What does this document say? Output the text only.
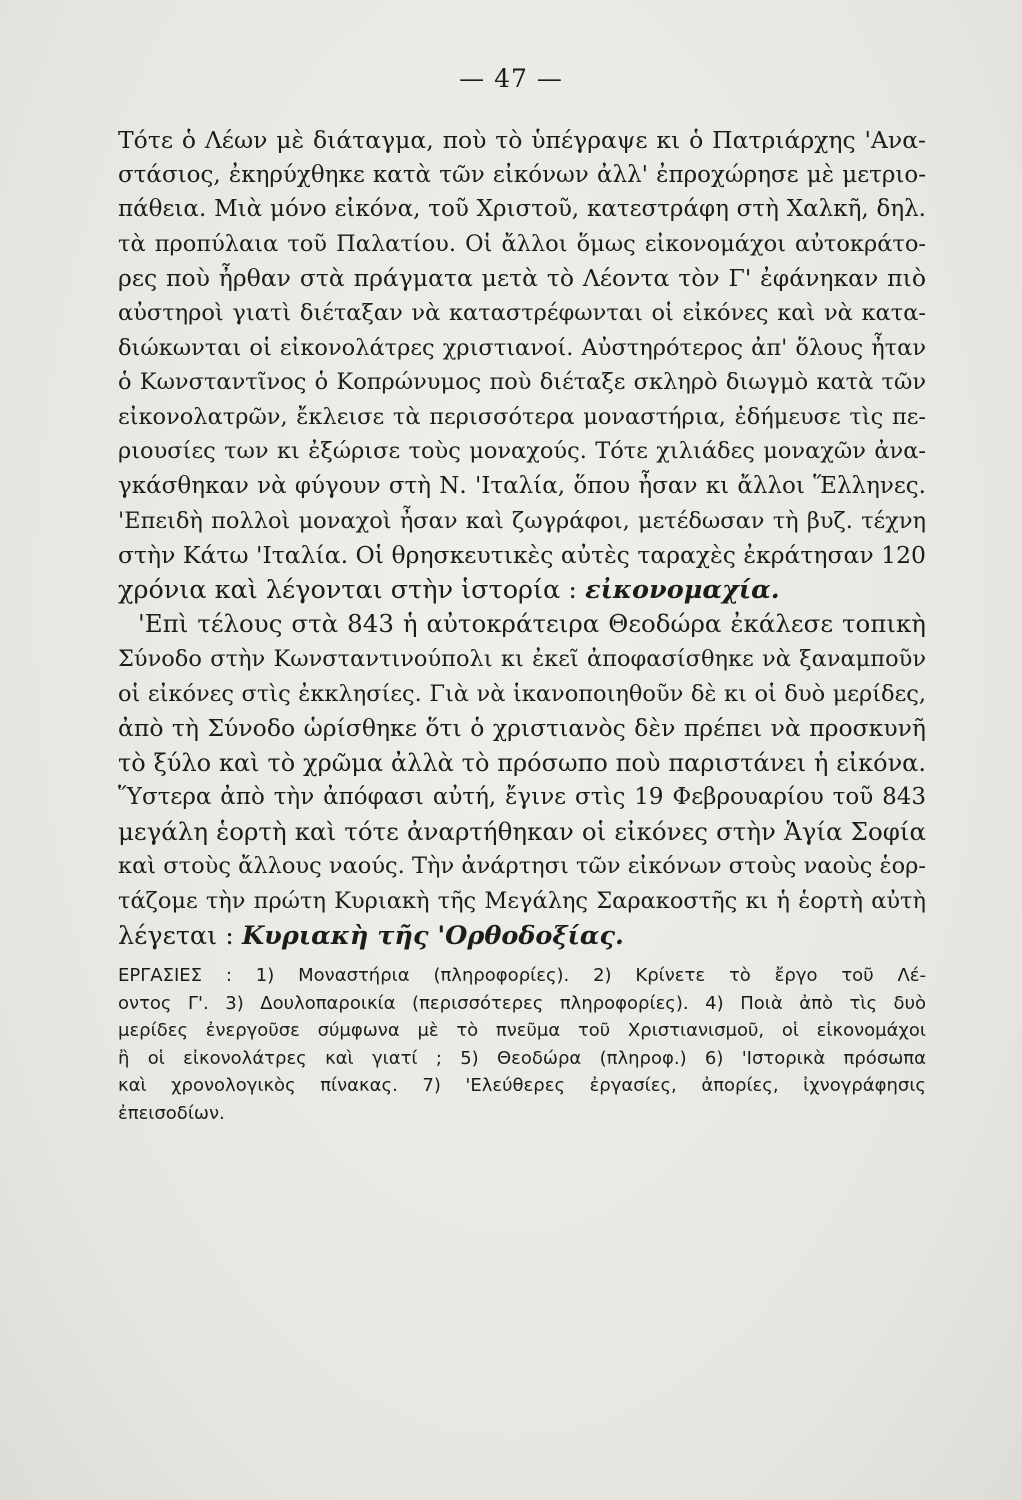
— 47 —
Τότε ὁ Λέων μὲ διάταγμα, ποὺ τὸ ὑπέγραψε κι ὁ Πατριάρχης 'Ανα-
στάσιος, ἐκηρύχθηκε κατὰ τῶν εἰκόνων ἀλλ' ἐπροχώρησε μὲ μετριο-
πάθεια. Μιὰ μόνο εἰκόνα, τοῦ Χριστοῦ, κατεστράφη στὴ Χαλκῆ, δηλ.
τὰ προπύλαια τοῦ Παλατίου. Οἱ ἄλλοι ὅμως εἰκονομάχοι αὐτοκράτο-
ρες ποὺ ἦρθαν στὰ πράγματα μετὰ τὸ Λέοντα τὸν Γ' ἐφάνηκαν πιὸ
αὐστηροὶ γιατὶ διέταξαν νὰ καταστρέφωνται οἱ εἰκόνες καὶ νὰ κατα-
διώκωνται οἱ εἰκονολάτρες χριστιανοί. Αὐστηρότερος ἀπ' ὅλους ἦταν
ὁ Κωνσταντῖνος ὁ Κοπρώνυμος ποὺ διέταξε σκληρὸ διωγμὸ κατὰ τῶν
εἰκονολατρῶν, ἔκλεισε τὰ περισσότερα μοναστήρια, ἐδήμευσε τὶς πε-
ριουσίες των κι ἐξώρισε τοὺς μοναχούς. Τότε χιλιάδες μοναχῶν ἀνα-
γκάσθηκαν νὰ φύγουν στὴ Ν. 'Ιταλία, ὅπου ἦσαν κι ἄλλοι Ἕλληνες.
'Επειδὴ πολλοὶ μοναχοὶ ἦσαν καὶ ζωγράφοι, μετέδωσαν τὴ βυζ. τέχνη
στὴν Κάτω 'Ιταλία. Οἱ θρησκευτικὲς αὐτὲς ταραχὲς ἐκράτησαν 120
χρόνια καὶ λέγονται στὴν ἱστορία : εἰκονομαχία.
'Επὶ τέλους στὰ 843 ἡ αὐτοκράτειρα Θεοδώρα ἐκάλεσε τοπικὴ
Σύνοδο στὴν Κωνσταντινούπολι κι ἐκεῖ ἀποφασίσθηκε νὰ ξαναμποῦν
οἱ εἰκόνες στὶς ἐκκλησίες. Γιὰ νὰ ἱκανοποιηθοῦν δὲ κι οἱ δυὸ μερίδες,
ἀπὸ τὴ Σύνοδο ὡρίσθηκε ὅτι ὁ χριστιανὸς δὲν πρέπει νὰ προσκυνῆ
τὸ ξύλο καὶ τὸ χρῶμα ἀλλὰ τὸ πρόσωπο ποὺ παριστάνει ἡ εἰκόνα.
Ὕστερα ἀπὸ τὴν ἀπόφασι αὐτή, ἔγινε στὶς 19 Φεβρουαρίου τοῦ 843
μεγάλη ἑορτὴ καὶ τότε ἀναρτήθηκαν οἱ εἰκόνες στὴν Ἁγία Σοφία
καὶ στοὺς ἄλλους ναούς. Τὴν ἀνάρτησι τῶν εἰκόνων στοὺς ναοὺς ἑορ-
τάζομε τὴν πρώτη Κυριακὴ τῆς Μεγάλης Σαρακοστῆς κι ἡ ἑορτὴ αὐτὴ
λέγεται : Κυριακὴ τῆς 'Ορθοδοξίας.
ΕΡΓΑΣΙΕΣ : 1) Μοναστήρια (πληροφορίες). 2) Κρίνετε τὸ ἔργο τοῦ Λέ-
οντος Γ'. 3) Δουλοπαροικία (περισσότερες πληροφορίες). 4) Ποιὰ ἀπὸ τὶς δυὸ
μερίδες ἐνεργοῦσε σύμφωνα μὲ τὸ πνεῦμα τοῦ Χριστιανισμοῦ, οἱ εἰκονομάχοι
ἢ οἱ εἰκονολάτρες καὶ γιατί ; 5) Θεοδώρα (πληροφ.) 6) 'Ιστορικὰ πρόσωπα
καὶ χρονολογικὸς πίνακας. 7) 'Ελεύθερες ἐργασίες, ἀπορίες, ἰχνογράφησις
ἐπεισοδίων.
